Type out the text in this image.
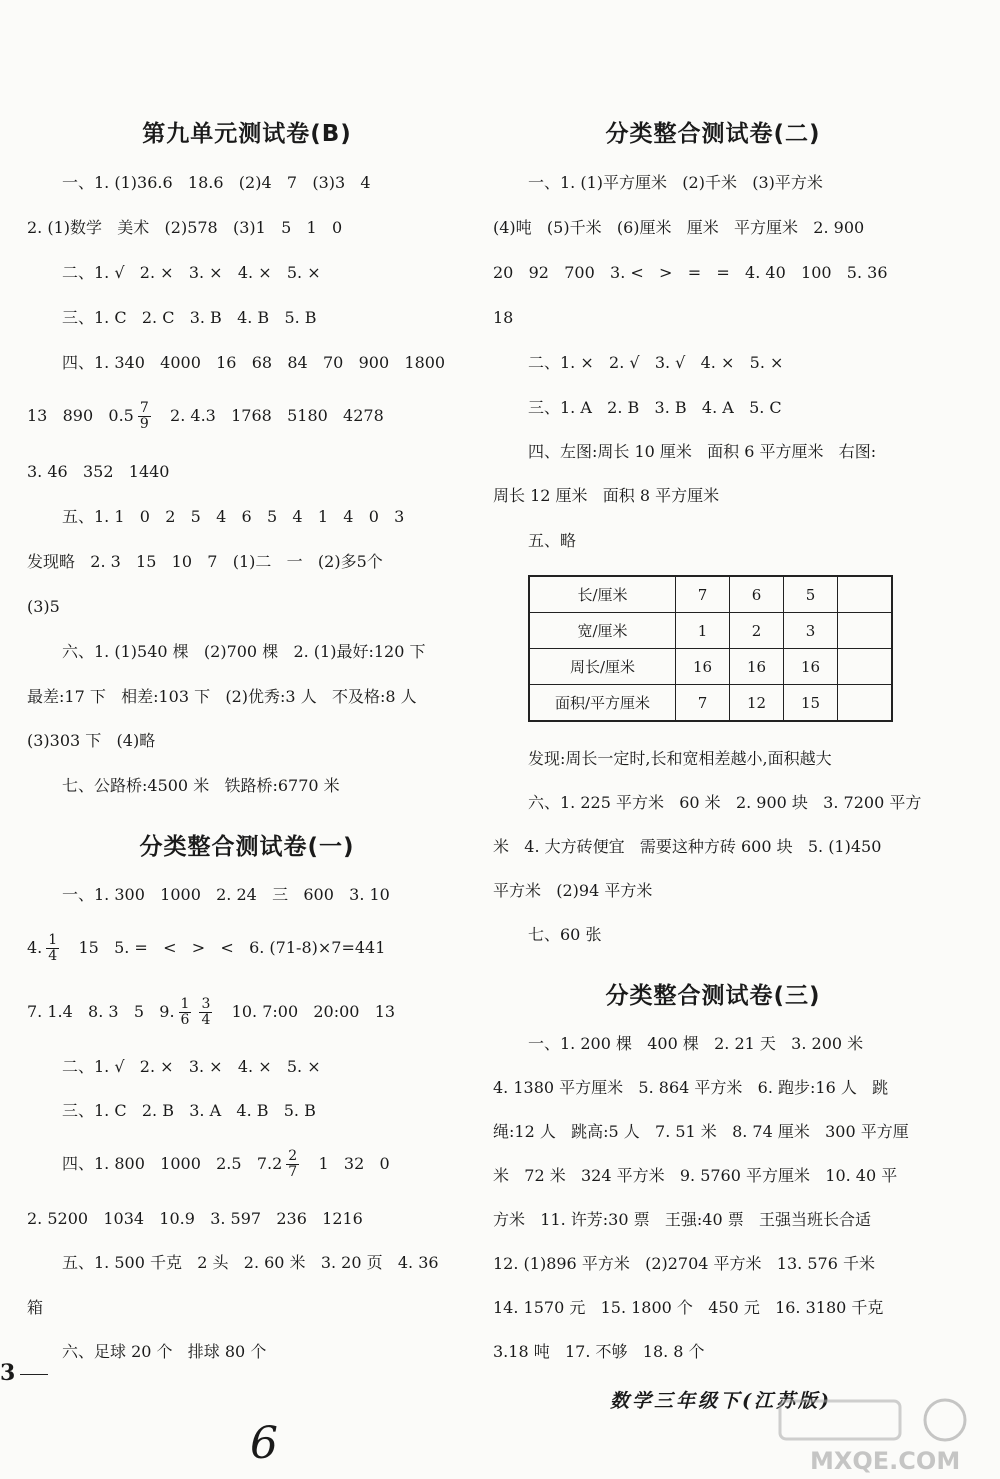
第九单元测试卷(B)
一、1. (1)36.6   18.6   (2)4   7   (3)3   4
2. (1)数学   美术   (2)578   (3)1   5   1   0
二、1. √   2. ×   3. ×   4. ×   5. ×
三、1. C   2. C   3. B   4. B   5. B
四、1. 340   4000   16   68   84   70   900   1800
13   890   $0.5 \frac{7}{9} 2$. 4.3   1768   5180   4278
3. 46   352   1440
五、1. 1   0   2   5   4   6   5   4   1   4   0   3
发现略   2. 3   15   10   7   (1)二   一   (2)多5个
(3)5
六、1. (1)540 棵   (2)700 棵   2. (1)最好:120 下
最差:17 下   相差:103 下   (2)优秀:3 人   不及格:8 人
(3)303 下   (4)略
七、公路桥:4500 米   铁路桥:6770 米
分类整合测试卷(一)
一、1. 300   1000   2. 24   三   600   3. 10
4. $\frac{1}{4} 15$   5. =   <   >   <   6. (71-8)×7=441
7. 1.4   8. 3   5   9. $\frac{1}{6} \frac{3}{4} 10$. 7:00   20:00   13
二、1. √   2. ×   3. ×   4. ×   5. ×
三、1. C   2. B   3. A   4. B   5. B
四、1. 800   1000   2.5   $7.2 \frac{2}{7} 1$   32   0
2. 5200   1034   10.9   3. 597   236   1216
五、1. 500 千克   2 头   2. 60 米   3. 20 页   4. 36
箱
六、足球 20 个   排球 80 个
分类整合测试卷(二)
一、1. (1)平方厘米   (2)千米   (3)平方米
(4)吨   (5)千米   (6)厘米   厘米   平方厘米   2. 900
20   92   700   3. <   >   =   =   4. 40   100   5. 36
18
二、1. ×   2. √   3. √   4. ×   5. ×
三、1. A   2. B   3. B   4. A   5. C
四、左图:周长 10 厘米   面积 6 平方厘米   右图:
周长 12 厘米   面积 8 平方厘米
五、略
长/厘米	7	6	5	
宽/厘米	1	2	3	
周长/厘米	16	16	16	
面积/平方厘米	7	12	15	
发现:周长一定时,长和宽相差越小,面积越大
六、1. 225 平方米   60 米   2. 900 块   3. 7200 平方
米   4. 大方砖便宜   需要这种方砖 600 块   5. (1)450
平方米   (2)94 平方米
七、60 张
分类整合测试卷(三)
一、1. 200 棵   400 棵   2. 21 天   3. 200 米
4. 1380 平方厘米   5. 864 平方米   6. 跑步:16 人   跳
绳:12 人   跳高:5 人   7. 51 米   8. 74 厘米   300 平方厘
米   72 米   324 平方米   9. 5760 平方厘米   10. 40 平
方米   11. 许芳:30 票   王强:40 票   王强当班长合适
12. (1)896 平方米   (2)2704 平方米   13. 576 千米
14. 1570 元   15. 1800 个   450 元   16. 3180 千克
3.18 吨   17. 不够   18. 8 个
3
数学三年级下(江苏版)
6	MXQE.COM
